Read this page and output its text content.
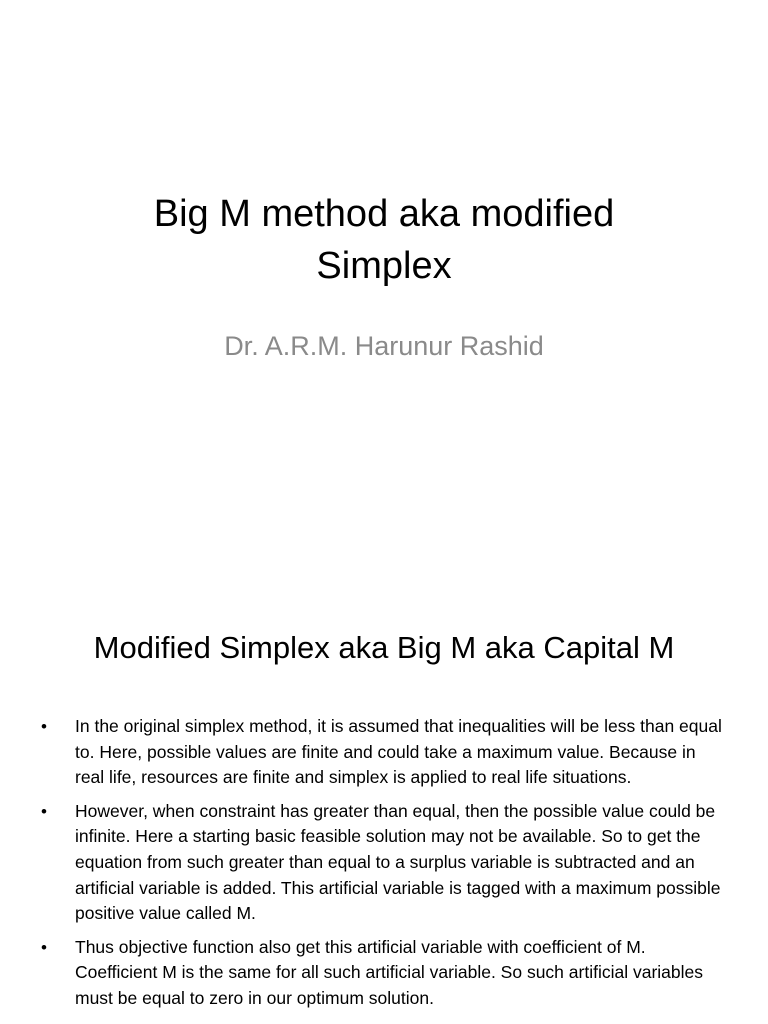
Big M method aka modified
Simplex
Dr. A.R.M. Harunur Rashid
Modified Simplex aka Big M aka Capital M
• In the original simplex method, it is assumed that inequalities will be less than equal to. Here, possible values are finite and could take a maximum value. Because in real life, resources are finite and simplex is applied to real life situations.
• However, when constraint has greater than equal, then the possible value could be infinite. Here a starting basic feasible solution may not be available. So to get the equation from such greater than equal to a surplus variable is subtracted and an artificial variable is added. This artificial variable is tagged with a maximum possible positive value called M.
• Thus objective function also get this artificial variable with coefficient of M. Coefficient M is the same for all such artificial variable. So such artificial variables must be equal to zero in our optimum solution.
